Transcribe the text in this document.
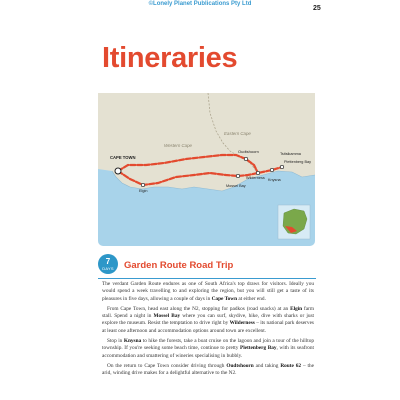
©Lonely Planet Publications Pty Ltd
25
Itineraries
CAPE TOWN
Western Cape
Eastern Cape
Oudtshoorn	Tsitsikamma
Plettenberg Bay
Wilderness Knysna
Mossel Bay
Elgin
7
DAYS	Garden Route Road Trip

The verdant Garden Route endures as one of South Africa's top draws for visitors. Ideally you would spend a week travelling to and exploring the region, but you will still get a taste of its pleasures in five days, allowing a couple of days in Cape Town at either end.

From Cape Town, head east along the N2, stopping for padkos (road snacks) at an Elgin farm stall. Spend a night in Mossel Bay where you can surf, skydive, hike, dive with sharks or just explore the museum. Resist the temptation to drive right by Wilderness – its national park deserves at least one afternoon and accommodation options around town are excellent.

Stop in Knysna to hike the forests, take a boat cruise on the lagoon and join a tour of the hilltop township. If you're seeking some beach time, continue to pretty Plettenberg Bay, with its seafront accommodation and smattering of wineries specialising in bubbly.

On the return to Cape Town consider driving through Oudtshoorn and taking Route 62 – the arid, winding drive makes for a delightful alternative to the N2.
